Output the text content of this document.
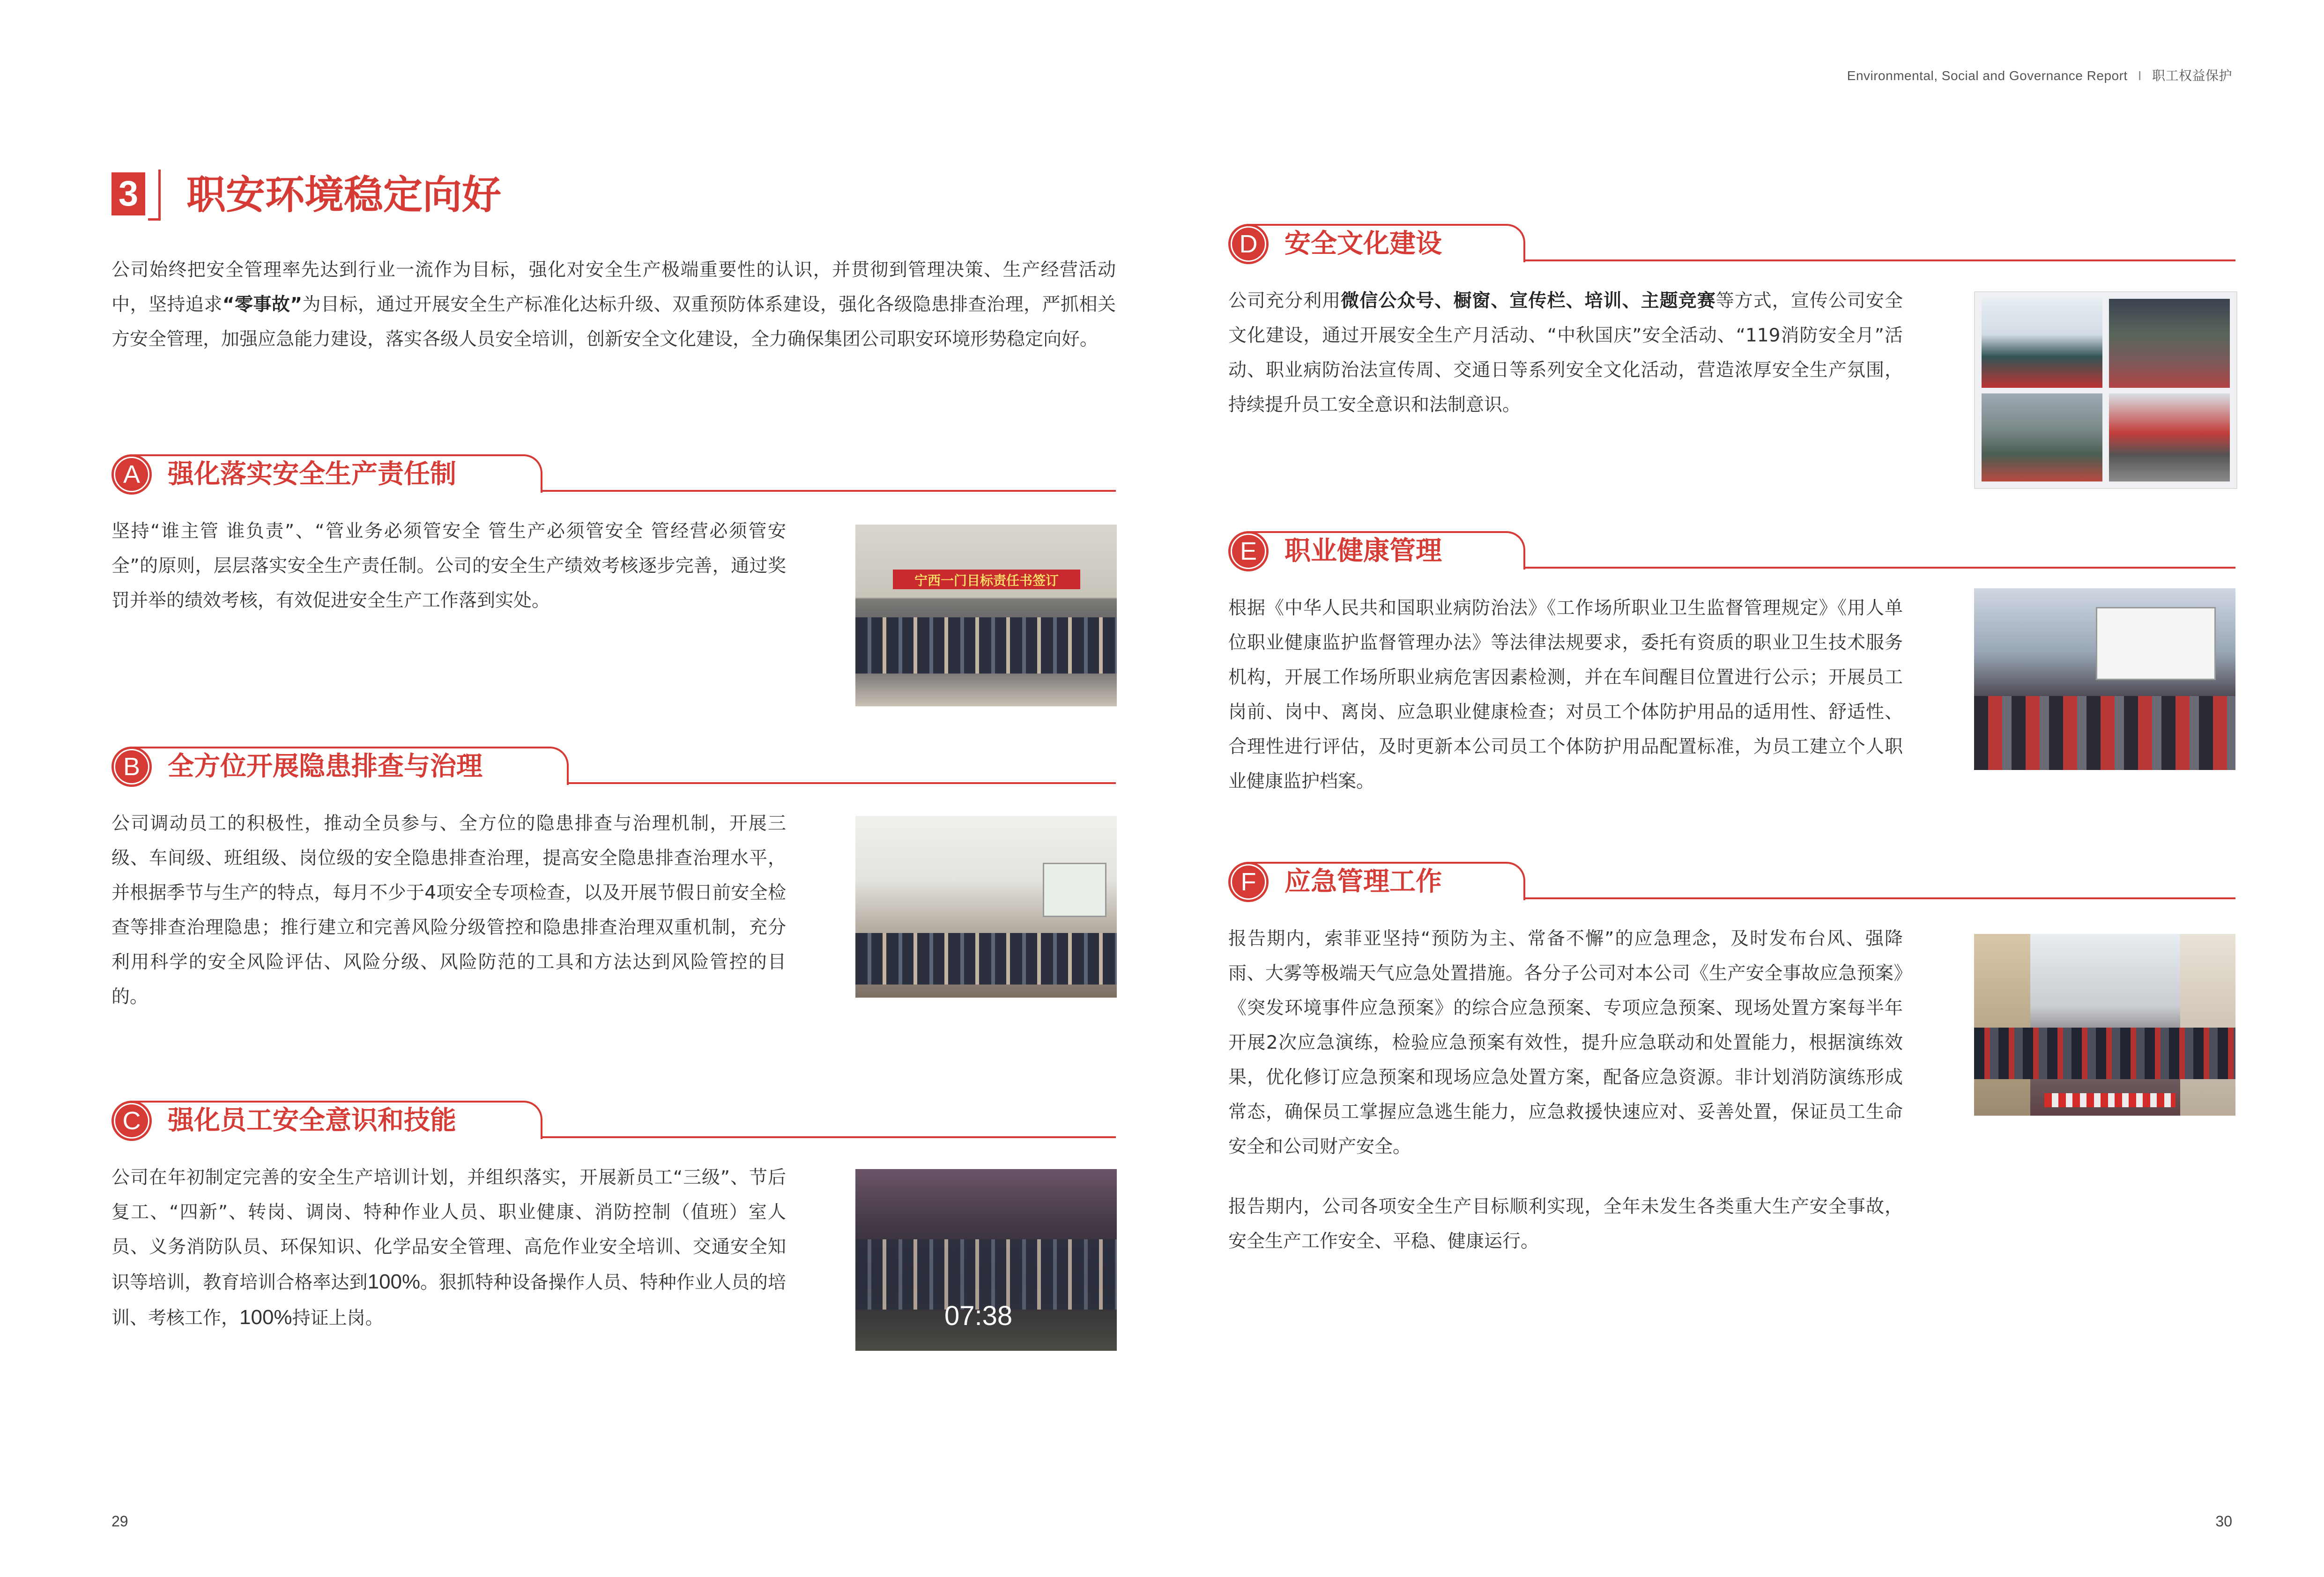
Environmental, Social and Governance Report I 职工权益保护
3 职安环境稳定向好
公司始终把安全管理率先达到行业一流作为目标，强化对安全生产极端重要性的认识，并贯彻到管理决策、生产经营活动中，坚持追求“零事故”为目标，通过开展安全生产标准化达标升级、双重预防体系建设，强化各级隐患排查治理，严抓相关方安全管理，加强应急能力建设，落实各级人员安全培训，创新安全文化建设，全力确保集团公司职安环境形势稳定向好。
强化落实安全生产责任制
A
坚持“谁主管 谁负责”、“管业务必须管安全 管生产必须管安全 管经营必须管安全”的原则，层层落实安全生产责任制。公司的安全生产绩效考核逐步完善，通过奖罚并举的绩效考核，有效促进安全生产工作落到实处。
宁西一门目标责任书签订
全方位开展隐患排查与治理
B
公司调动员工的积极性，推动全员参与、全方位的隐患排查与治理机制，开展三级、车间级、班组级、岗位级的安全隐患排查治理，提高安全隐患排查治理水平，并根据季节与生产的特点，每月不少于4项安全专项检查，以及开展节假日前安全检查等排查治理隐患；推行建立和完善风险分级管控和隐患排查治理双重机制，充分利用科学的安全风险评估、风险分级、风险防范的工具和方法达到风险管控的目的。
强化员工安全意识和技能
C
公司在年初制定完善的安全生产培训计划，并组织落实，开展新员工“三级”、节后复工、“四新”、转岗、调岗、特种作业人员、职业健康、消防控制（值班）室人员、义务消防队员、环保知识、化学品安全管理、高危作业安全培训、交通安全知识等培训，教育培训合格率达到100%。狠抓特种设备操作人员、特种作业人员的培训、考核工作，100%持证上岗。	07:38
安全文化建设
D
公司充分利用微信公众号、橱窗、宣传栏、培训、主题竞赛等方式，宣传公司安全文化建设，通过开展安全生产月活动、“中秋国庆”安全活动、“119消防安全月”活动、职业病防治法宣传周、交通日等系列安全文化活动，营造浓厚安全生产氛围，持续提升员工安全意识和法制意识。
职业健康管理
E
根据《中华人民共和国职业病防治法》《工作场所职业卫生监督管理规定》《用人单位职业健康监护监督管理办法》等法律法规要求，委托有资质的职业卫生技术服务机构，开展工作场所职业病危害因素检测，并在车间醒目位置进行公示；开展员工岗前、岗中、离岗、应急职业健康检查；对员工个体防护用品的适用性、舒适性、合理性进行评估，及时更新本公司员工个体防护用品配置标准，为员工建立个人职业健康监护档案。
应急管理工作
F
报告期内，索菲亚坚持“预防为主、常备不懈”的应急理念，及时发布台风、强降雨、大雾等极端天气应急处置措施。各分子公司对本公司《生产安全事故应急预案》《突发环境事件应急预案》的综合应急预案、专项应急预案、现场处置方案每半年开展2次应急演练，检验应急预案有效性，提升应急联动和处置能力，根据演练效果，优化修订应急预案和现场应急处置方案，配备应急资源。非计划消防演练形成常态，确保员工掌握应急逃生能力，应急救援快速应对、妥善处置，保证员工生命安全和公司财产安全。
报告期内，公司各项安全生产目标顺利实现，全年未发生各类重大生产安全事故，安全生产工作安全、平稳、健康运行。
29	30
